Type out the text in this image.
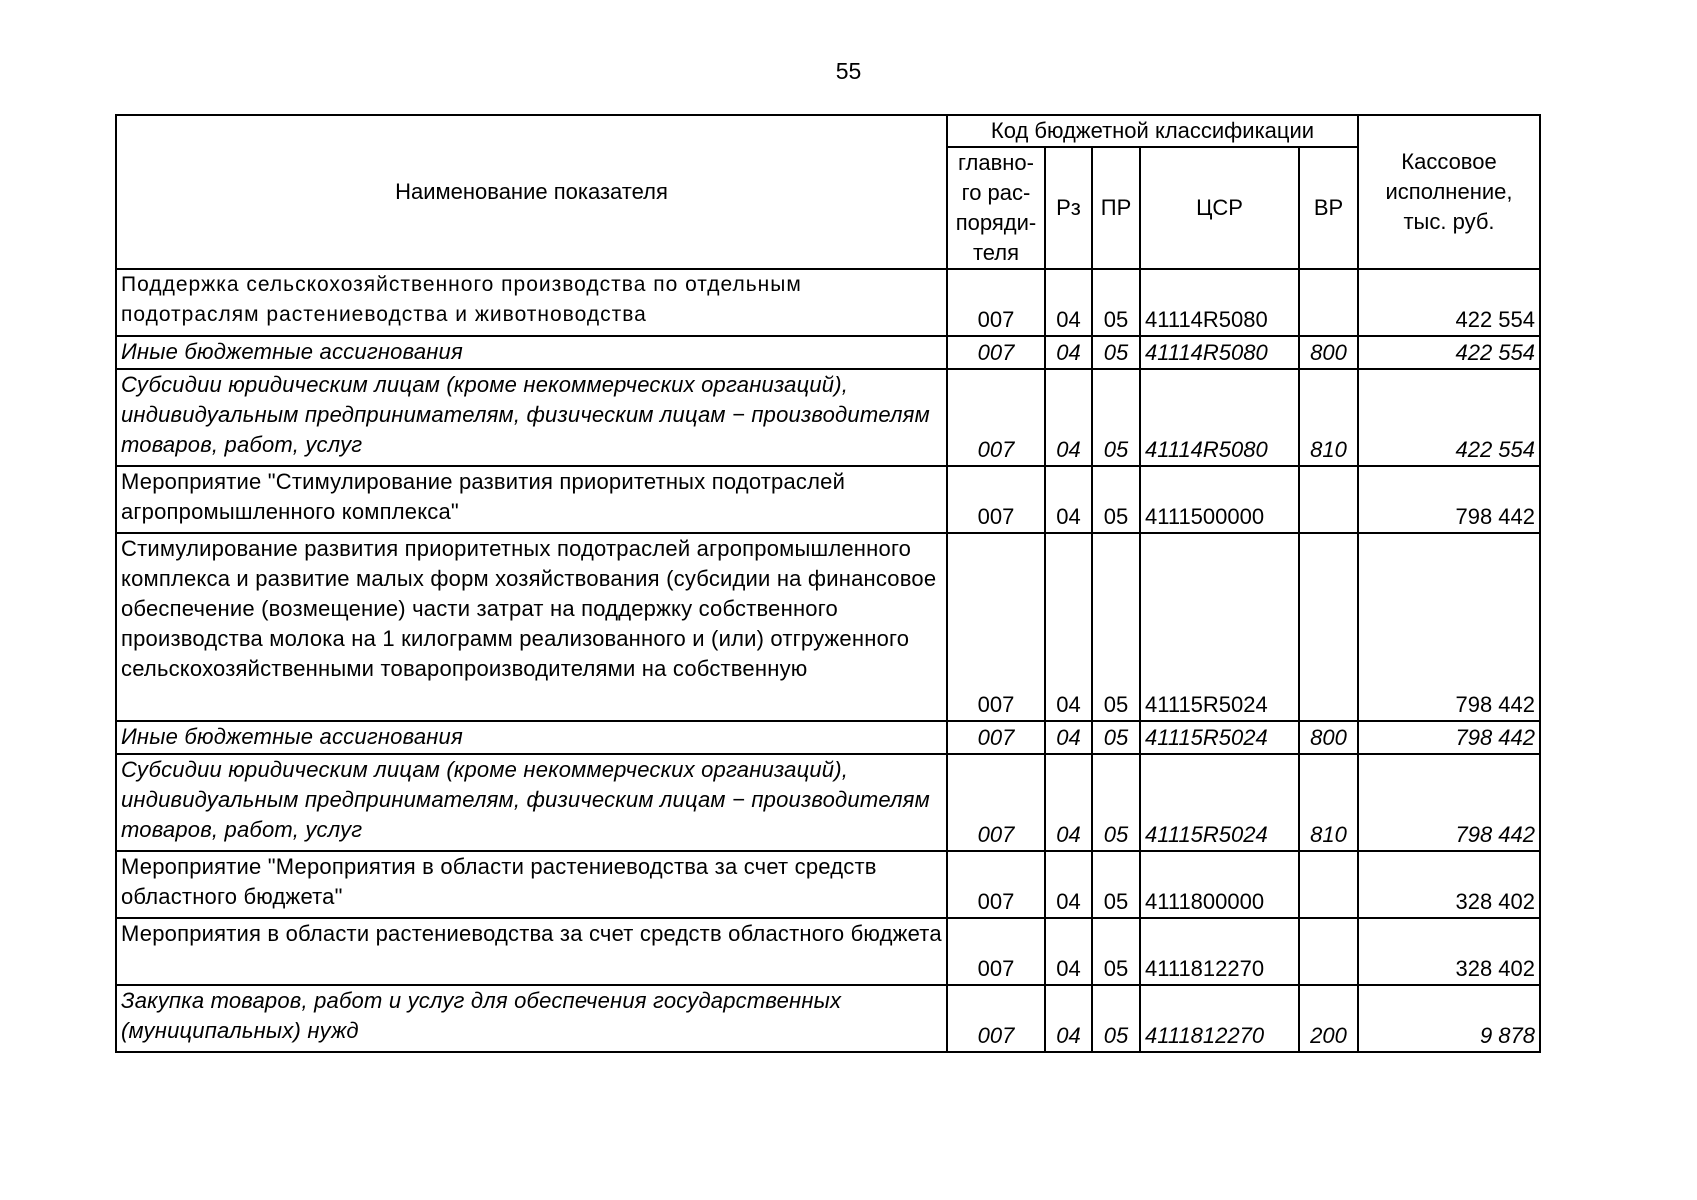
55
Наименование показателя	Код бюджетной классификации					Кассовое исполнение, тыс. руб.
	главно-го рас-поряди-теля	Рз	ПР	ЦСР	ВР	
Поддержка сельскохозяйственного производства по отдельным подотраслям растениеводства и животноводства	007	04	05	41114R5080		422 554
Иные бюджетные ассигнования	007	04	05	41114R5080	800	422 554
Субсидии юридическим лицам (кроме некоммерческих организаций), индивидуальным предпринимателям, физическим лицам − производителям товаров, работ, услуг	007	04	05	41114R5080	810	422 554
Мероприятие "Стимулирование развития приоритетных подотраслей агропромышленного комплекса"	007	04	05	4111500000		798 442
Стимулирование развития приоритетных подотраслей агропромышленного комплекса и развитие малых форм хозяйствования (субсидии на финансовое обеспечение (возмещение) части затрат на поддержку собственного производства молока на 1 килограмм реализованного и (или) отгруженного сельскохозяйственными товаропроизводителями на собственную	007	04	05	41115R5024		798 442
Иные бюджетные ассигнования	007	04	05	41115R5024	800	798 442
Субсидии юридическим лицам (кроме некоммерческих организаций), индивидуальным предпринимателям, физическим лицам − производителям товаров, работ, услуг	007	04	05	41115R5024	810	798 442
Мероприятие "Мероприятия в области растениеводства за счет средств областного бюджета"	007	04	05	4111800000		328 402
Мероприятия в области растениеводства за счет средств областного бюджета	007	04	05	4111812270		328 402
Закупка товаров, работ и услуг для обеспечения государственных (муниципальных) нужд	007	04	05	4111812270	200	9 878
